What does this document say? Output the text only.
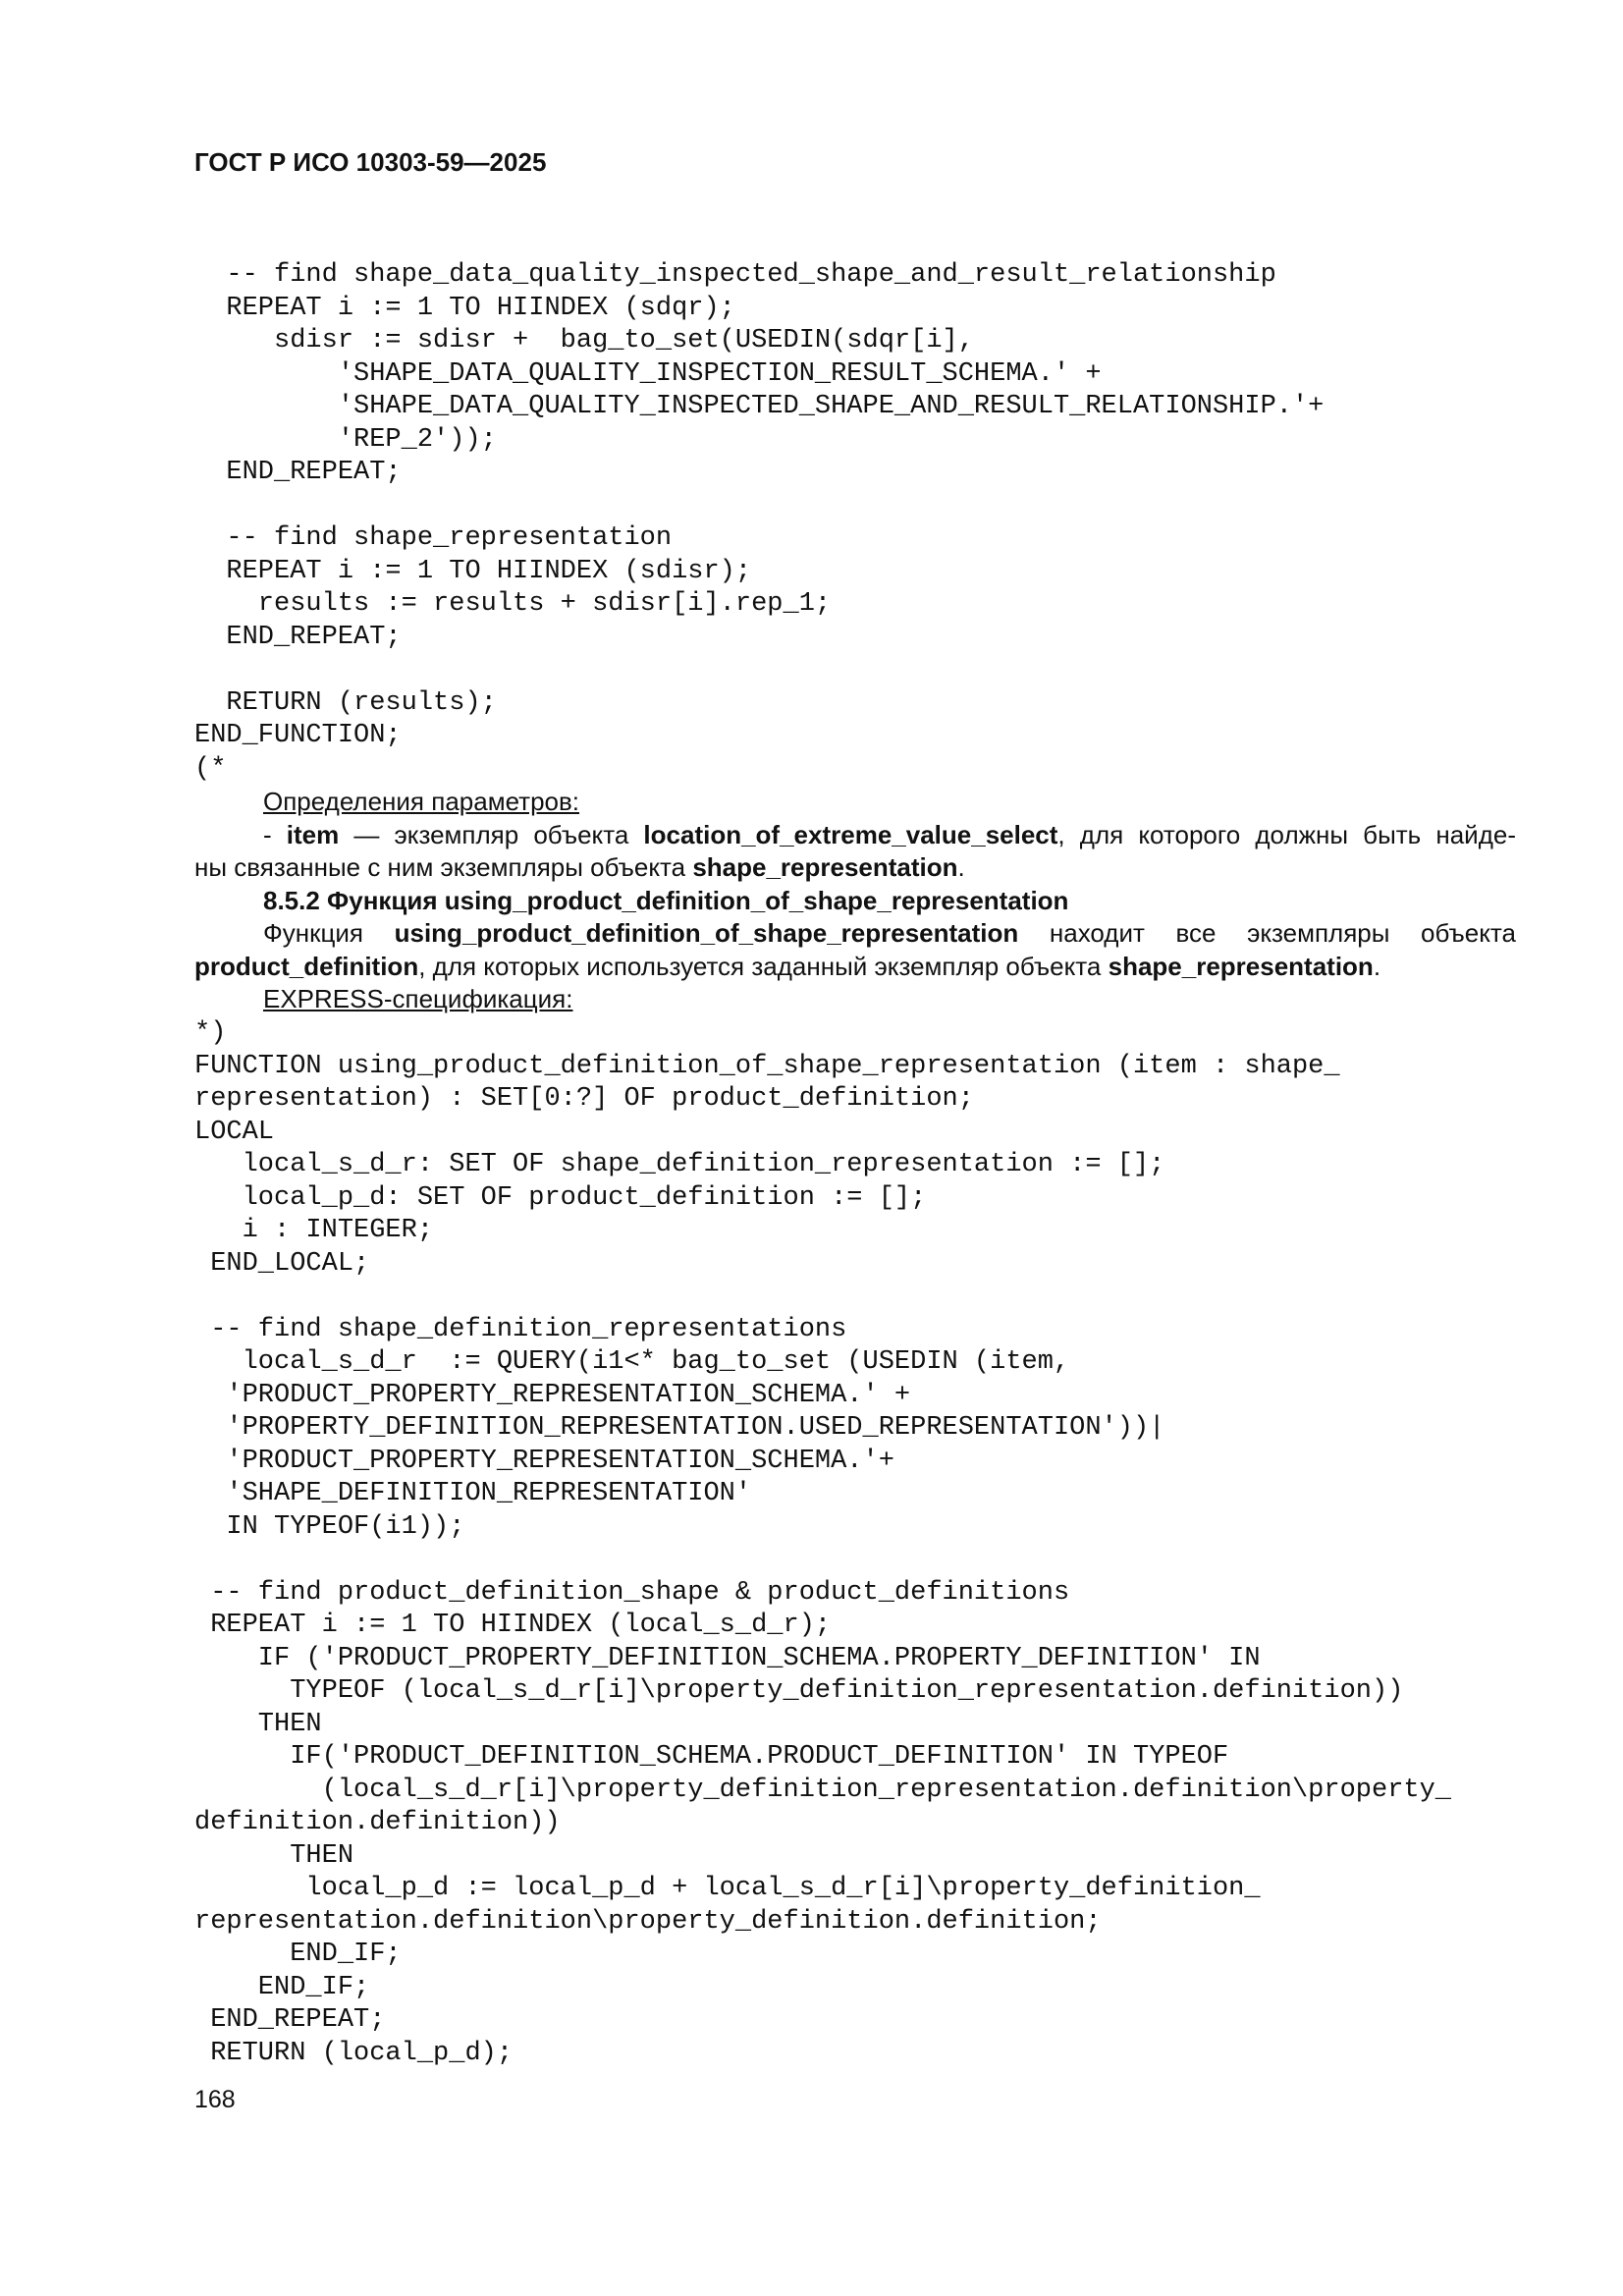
ГОСТ Р ИСО 10303-59—2025
-- find shape_data_quality_inspected_shape_and_result_relationship
REPEAT i := 1 TO HIINDEX (sdqr);
sdisr := sdisr +  bag_to_set(USEDIN(sdqr[i],
'SHAPE_DATA_QUALITY_INSPECTION_RESULT_SCHEMA.' +
'SHAPE_DATA_QUALITY_INSPECTED_SHAPE_AND_RESULT_RELATIONSHIP.'+
'REP_2'));
END_REPEAT;

-- find shape_representation
REPEAT i := 1 TO HIINDEX (sdisr);
results := results + sdisr[i].rep_1;
END_REPEAT;

RETURN (results);
END_FUNCTION;
(*

Определения параметров:

- item — экземпляр объекта location_of_extreme_value_select, для которого должны быть найде-

ны связанные с ним экземпляры объекта shape_representation.

8.5.2 Функция using_product_definition_of_shape_representation

Функция using_product_definition_of_shape_representation находит все экземпляры объекта

product_definition, для которых используется заданный экземпляр объекта shape_representation.

EXPRESS-спецификация:

*)
FUNCTION using_product_definition_of_shape_representation (item : shape_
representation) : SET[0:?] OF product_definition;
LOCAL
local_s_d_r: SET OF shape_definition_representation := [];
local_p_d: SET OF product_definition := [];
i : INTEGER;
END_LOCAL;

-- find shape_definition_representations
local_s_d_r  := QUERY(i1<* bag_to_set (USEDIN (item,
'PRODUCT_PROPERTY_REPRESENTATION_SCHEMA.' +
'PROPERTY_DEFINITION_REPRESENTATION.USED_REPRESENTATION'))|
'PRODUCT_PROPERTY_REPRESENTATION_SCHEMA.'+
'SHAPE_DEFINITION_REPRESENTATION'
IN TYPEOF(i1));

-- find product_definition_shape & product_definitions
REPEAT i := 1 TO HIINDEX (local_s_d_r);
IF ('PRODUCT_PROPERTY_DEFINITION_SCHEMA.PROPERTY_DEFINITION' IN
TYPEOF (local_s_d_r[i]\property_definition_representation.definition))
THEN
IF('PRODUCT_DEFINITION_SCHEMA.PRODUCT_DEFINITION' IN TYPEOF
(local_s_d_r[i]\property_definition_representation.definition\property_
definition.definition))
THEN
local_p_d := local_p_d + local_s_d_r[i]\property_definition_
representation.definition\property_definition.definition;
END_IF;
END_IF;
END_REPEAT;
RETURN (local_p_d);
168
